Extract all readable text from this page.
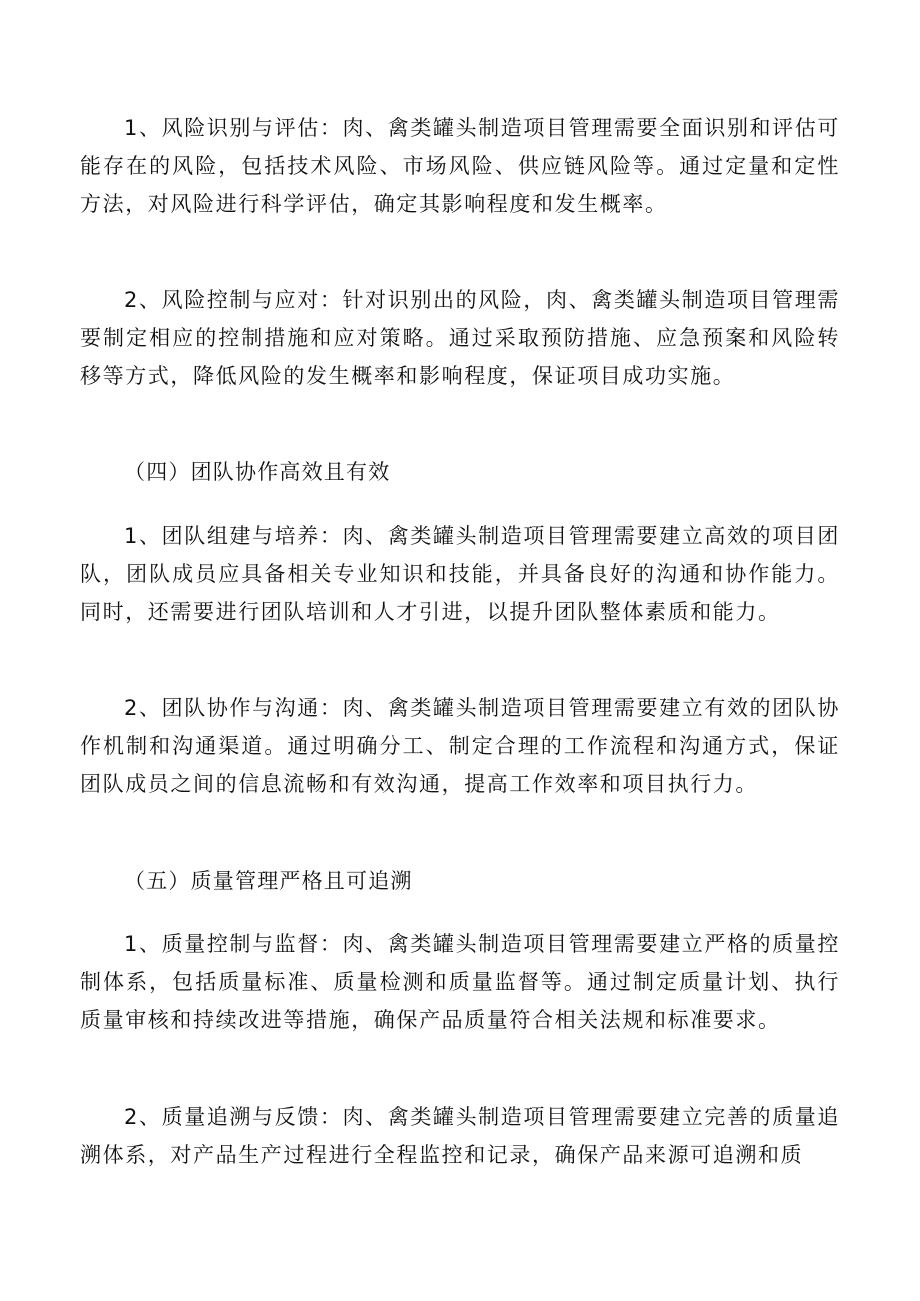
1、风险识别与评估：肉、禽类罐头制造项目管理需要全面识别和评估可能存在的风险，包括技术风险、市场风险、供应链风险等。通过定量和定性方法，对风险进行科学评估，确定其影响程度和发生概率。

2、风险控制与应对：针对识别出的风险，肉、禽类罐头制造项目管理需要制定相应的控制措施和应对策略。通过采取预防措施、应急预案和风险转移等方式，降低风险的发生概率和影响程度，保证项目成功实施。

（四）团队协作高效且有效

1、团队组建与培养：肉、禽类罐头制造项目管理需要建立高效的项目团队，团队成员应具备相关专业知识和技能，并具备良好的沟通和协作能力。同时，还需要进行团队培训和人才引进，以提升团队整体素质和能力。

2、团队协作与沟通：肉、禽类罐头制造项目管理需要建立有效的团队协作机制和沟通渠道。通过明确分工、制定合理的工作流程和沟通方式，保证团队成员之间的信息流畅和有效沟通，提高工作效率和项目执行力。

（五）质量管理严格且可追溯

1、质量控制与监督：肉、禽类罐头制造项目管理需要建立严格的质量控制体系，包括质量标准、质量检测和质量监督等。通过制定质量计划、执行质量审核和持续改进等措施，确保产品质量符合相关法规和标准要求。

2、质量追溯与反馈：肉、禽类罐头制造项目管理需要建立完善的质量追溯体系，对产品生产过程进行全程监控和记录，确保产品来源可追溯和质
